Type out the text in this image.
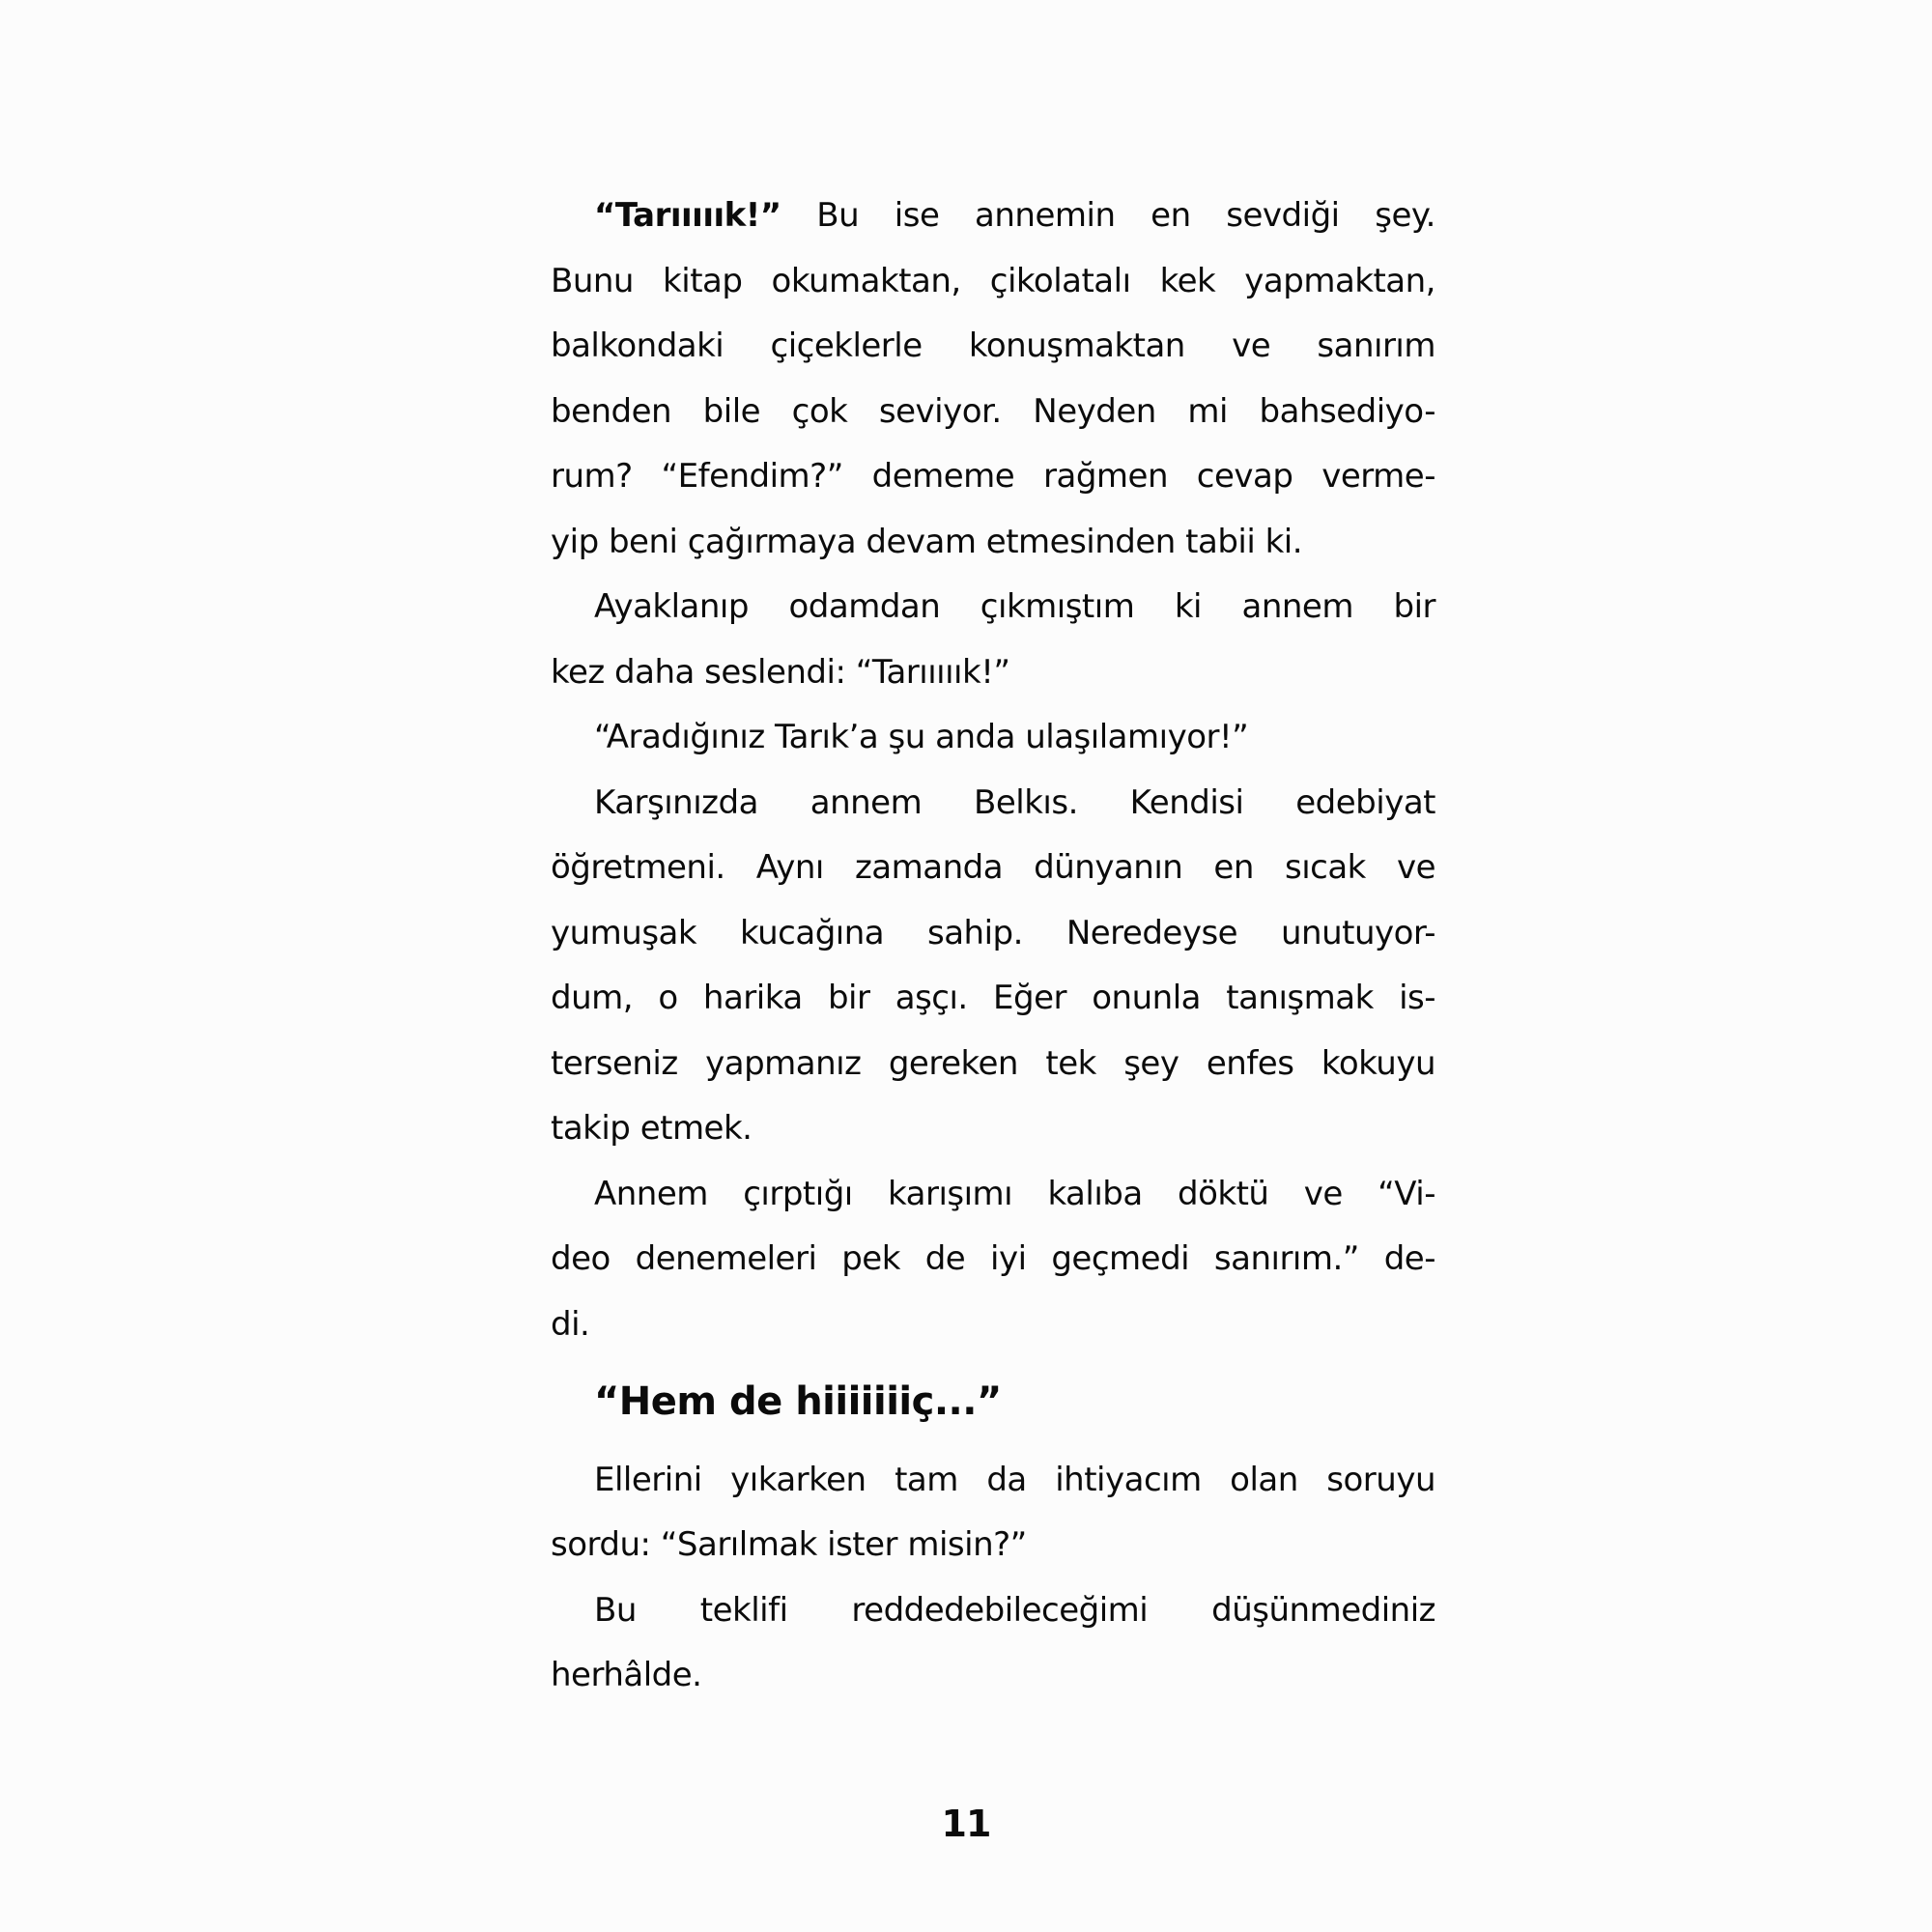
“Tarııııık!” Bu ise annemin en sevdiği şey.
Bunu kitap okumaktan, çikolatalı kek yapmaktan,
balkondaki çiçeklerle konuşmaktan ve sanırım
benden bile çok seviyor. Neyden mi bahsediyo-
rum? “Efendim?” dememe rağmen cevap verme-
yip beni çağırmaya devam etmesinden tabii ki.
Ayaklanıp odamdan çıkmıştım ki annem bir
kez daha seslendi: “Tarııııık!”
“Aradığınız Tarık’a şu anda ulaşılamıyor!”
Karşınızda annem Belkıs. Kendisi edebiyat
öğretmeni. Aynı zamanda dünyanın en sıcak ve
yumuşak kucağına sahip. Neredeyse unutuyor-
dum, o harika bir aşçı. Eğer onunla tanışmak is-
terseniz yapmanız gereken tek şey enfes kokuyu
takip etmek.
Annem çırptığı karışımı kalıba döktü ve “Vi-
deo denemeleri pek de iyi geçmedi sanırım.” de-
di.
“Hem de hiiiiiiiç...”
Ellerini yıkarken tam da ihtiyacım olan soruyu
sordu: “Sarılmak ister misin?”
Bu teklifi reddedebileceğimi düşünmediniz
herhâlde.
11
